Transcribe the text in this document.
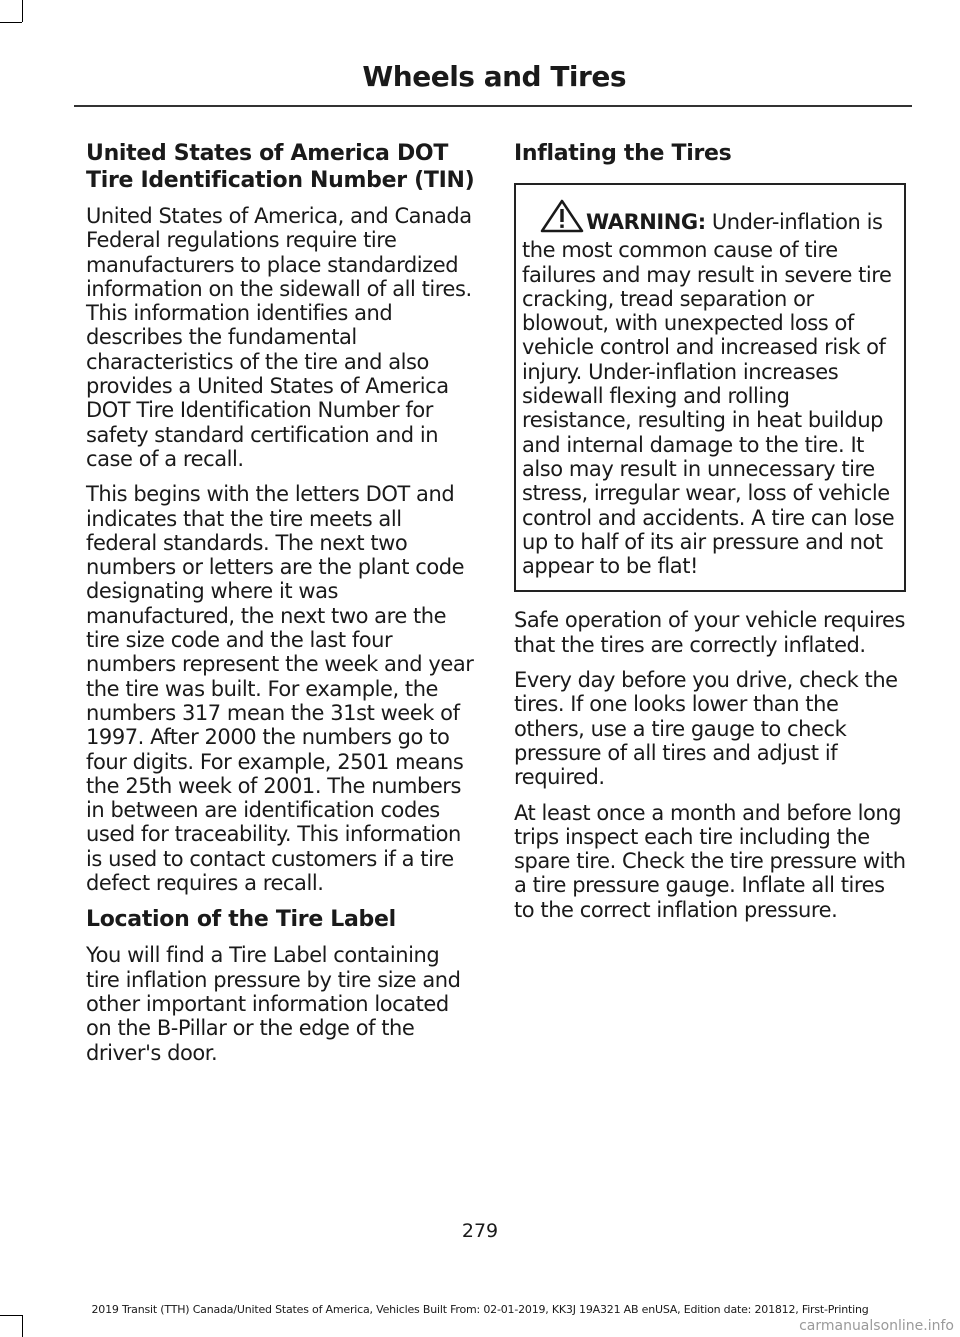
Wheels and Tires
United States of America DOT Tire Identification Number (TIN)

United States of America, and Canada Federal regulations require tire manufacturers to place standardized information on the sidewall of all tires. This information identifies and describes the fundamental characteristics of the tire and also provides a United States of America DOT Tire Identification Number for safety standard certification and in case of a recall.

This begins with the letters DOT and indicates that the tire meets all federal standards. The next two numbers or letters are the plant code designating where it was manufactured, the next two are the tire size code and the last four numbers represent the week and year the tire was built. For example, the numbers 317 mean the 31st week of 1997. After 2000 the numbers go to four digits. For example, 2501 means the 25th week of 2001. The numbers in between are identification codes used for traceability. This information is used to contact customers if a tire defect requires a recall.

Location of the Tire Label

You will find a Tire Label containing tire inflation pressure by tire size and other important information located on the B-Pillar or the edge of the driver's door.

Inflating the Tires
WARNING: Under-inflation is the most common cause of tire failures and may result in severe tire cracking, tread separation or blowout, with unexpected loss of vehicle control and increased risk of injury. Under-inflation increases sidewall flexing and rolling resistance, resulting in heat buildup and internal damage to the tire. It also may result in unnecessary tire stress, irregular wear, loss of vehicle control and accidents. A tire can lose up to half of its air pressure and not appear to be flat!

Safe operation of your vehicle requires that the tires are correctly inflated.

Every day before you drive, check the tires. If one looks lower than the others, use a tire gauge to check pressure of all tires and adjust if required.

At least once a month and before long trips inspect each tire including the spare tire. Check the tire pressure with a tire pressure gauge. Inflate all tires to the correct inflation pressure.

279
2019 Transit (TTH) Canada/United States of America, Vehicles Built From: 02-01-2019, KK3J 19A321 AB enUSA, Edition date: 201812, First-Printing
carmanualsonline.info
